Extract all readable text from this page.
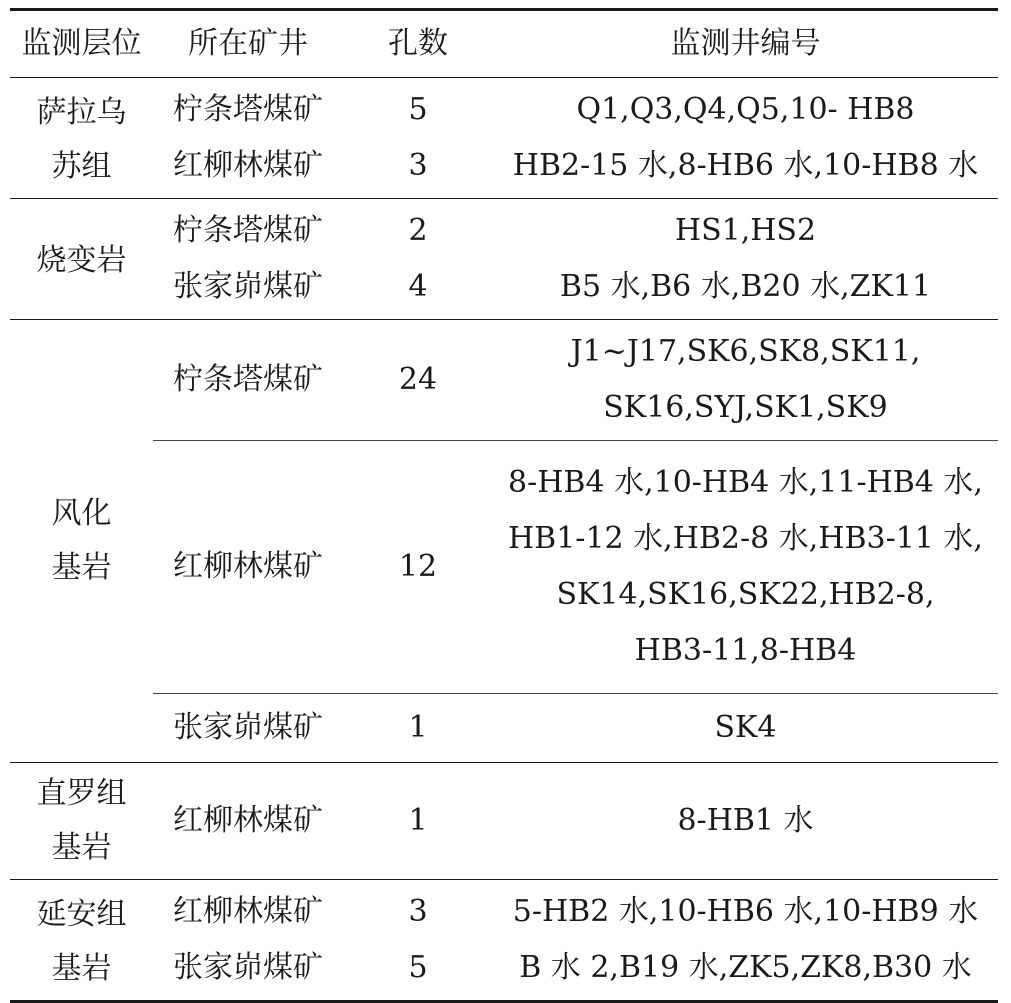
监测层位	所在矿井	孔数	监测井编号

萨拉乌
苏组	柠条塔煤矿	5	Q1,Q3,Q4,Q5,10- HB8
	红柳林煤矿	3	HB2-15 水,8-HB6 水,10-HB8 水

烧变岩	柠条塔煤矿	2	HS1,HS2
	张家峁煤矿	4	B5 水,B6 水,B20 水,ZK11

风化
基岩	柠条塔煤矿	24	J1~J17,SK6,SK8,SK11,
SK16,SYJ,SK1,SK9

	红柳林煤矿	12	8-HB4 水,10-HB4 水,11-HB4 水,
HB1-12 水,HB2-8 水,HB3-11 水,
SK14,SK16,SK22,HB2-8,
HB3-11,8-HB4

	张家峁煤矿	1	SK4

直罗组
基岩	红柳林煤矿	1	8-HB1 水

延安组
基岩	红柳林煤矿	3	5-HB2 水,10-HB6 水,10-HB9 水
	张家峁煤矿	5	B 水 2,B19 水,ZK5,ZK8,B30 水
